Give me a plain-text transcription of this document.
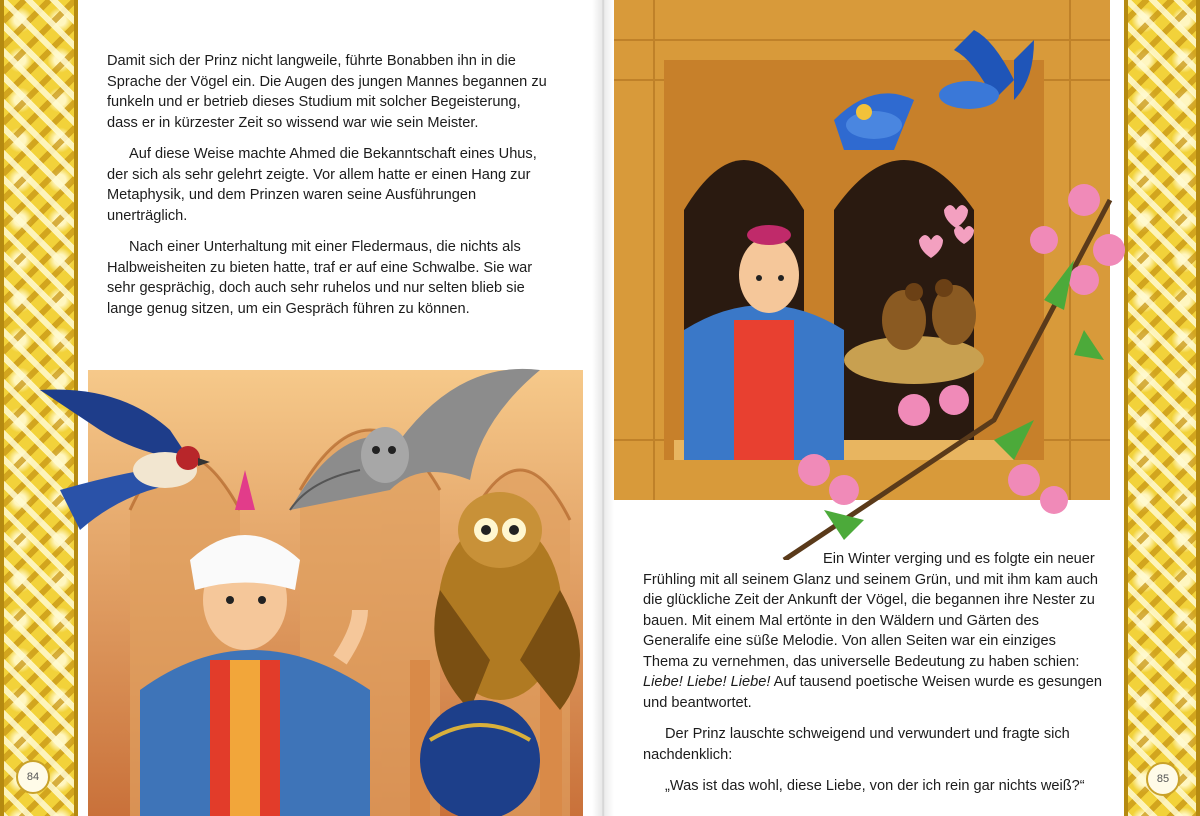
Damit sich der Prinz nicht langweile, führte Bonabben ihn in die Sprache der Vögel ein. Die Augen des jungen Mannes begannen zu funkeln und er betrieb dieses Studium mit solcher Begeisterung, dass er in kürzester Zeit so wissend war wie sein Meister.

Auf diese Weise machte Ahmed die Bekanntschaft eines Uhus, der sich als sehr gelehrt zeigte. Vor allem hatte er einen Hang zur Metaphysik, und dem Prinzen waren seine Ausführungen unerträglich.

Nach einer Unterhaltung mit einer Fledermaus, die nichts als Halbweisheiten zu bieten hatte, traf er auf eine Schwalbe. Sie war sehr gesprächig, doch auch sehr ruhelos und nur selten blieb sie lange genug sitzen, um ein Gespräch führen zu können.

Ein Winter verging und es folgte ein neuer Frühling mit all seinem Glanz und seinem Grün, und mit ihm kam auch die glückliche Zeit der Ankunft der Vögel, die begannen ihre Nester zu bauen. Mit einem Mal ertönte in den Wäldern und Gärten des Generalife eine süße Melodie. Von allen Seiten war ein einziges Thema zu vernehmen, das universelle Bedeutung zu haben schien: Liebe! Liebe! Liebe! Auf tausend poetische Weisen wurde es gesungen und beantwortet.

Der Prinz lauschte schweigend und verwundert und fragte sich nachdenklich:

„Was ist das wohl, diese Liebe, von der ich rein gar nichts weiß?“

84	85
